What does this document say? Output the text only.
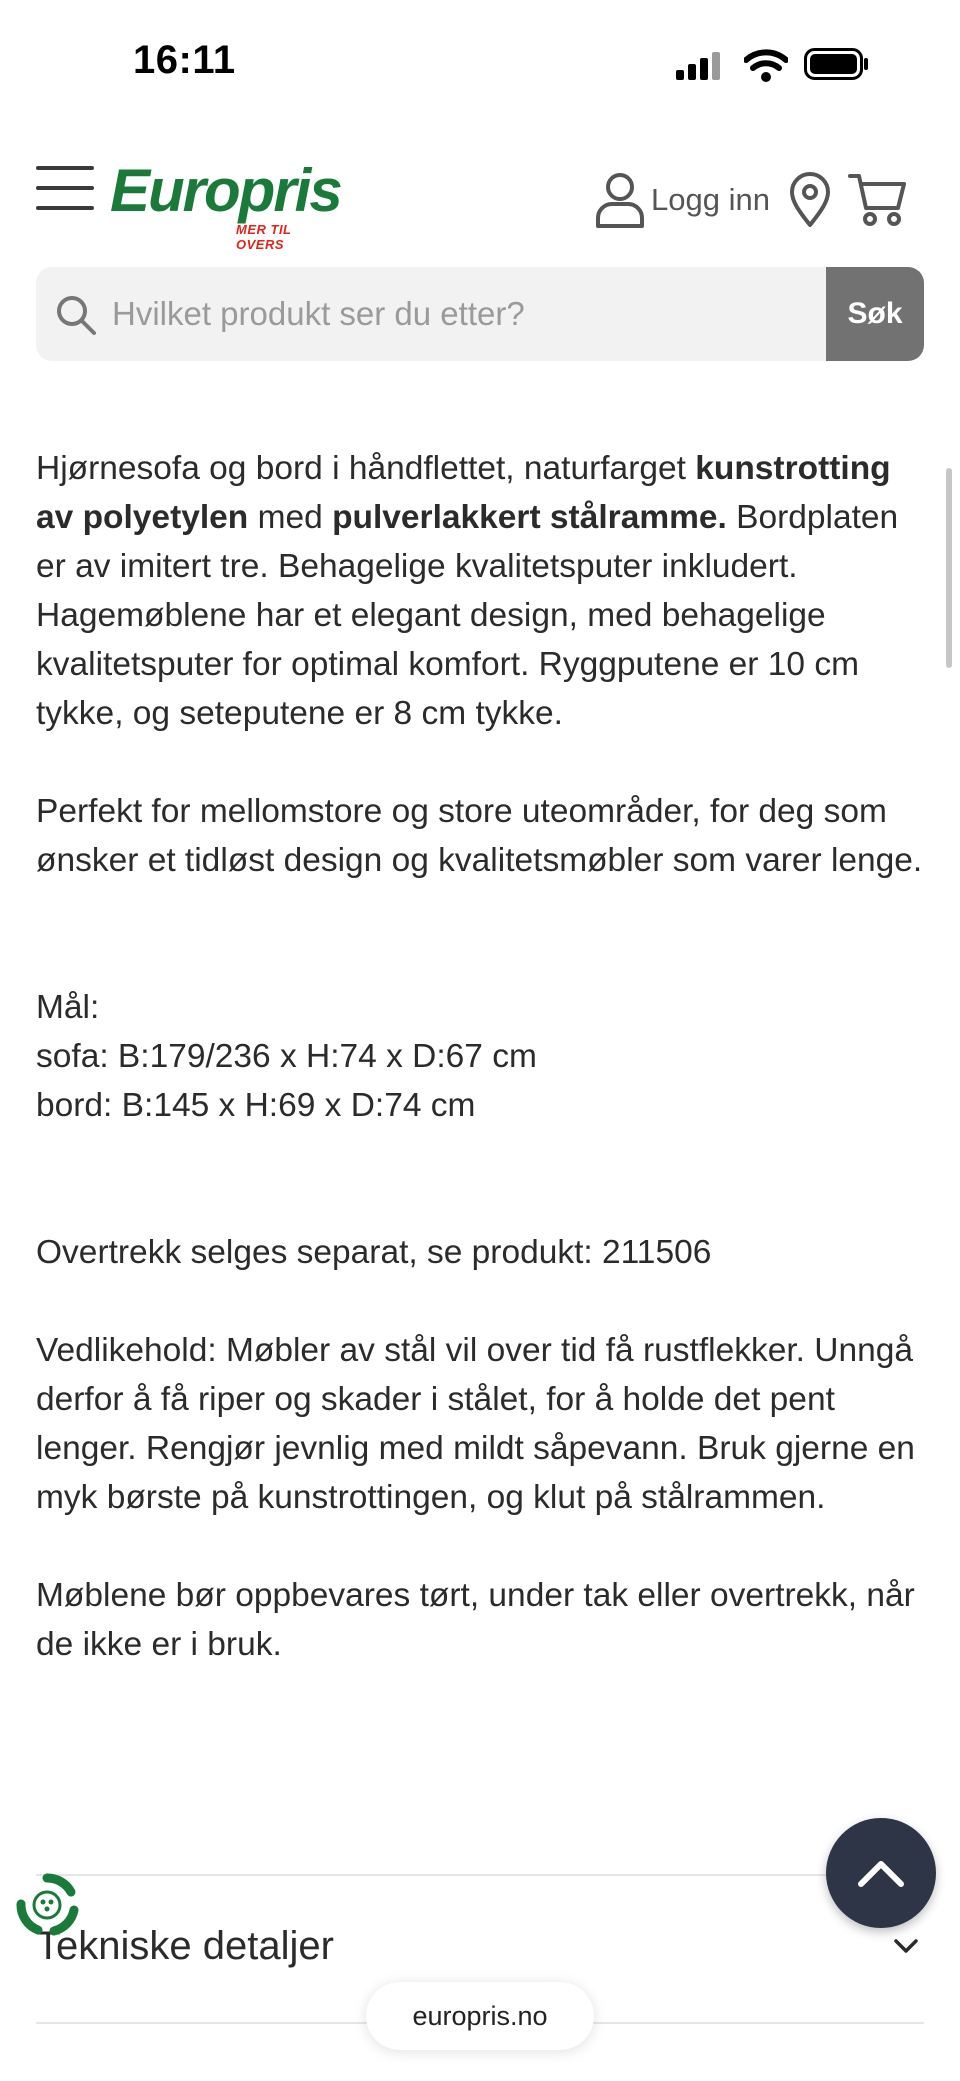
16:11
Europris
MER TIL OVERS
Logg inn
Hvilket produkt ser du etter?
Søk

Hjørnesofa og bord i håndflettet, naturfarget kunstrotting av polyetylen med pulverlakkert stålramme. Bordplaten er av imitert tre. Behagelige kvalitetsputer inkludert. Hagemøblene har et elegant design, med behagelige kvalitetsputer for optimal komfort. Ryggputene er 10 cm tykke, og seteputene er 8 cm tykke.

Perfekt for mellomstore og store uteområder, for deg som ønsker et tidløst design og kvalitetsmøbler som varer lenge.

Mål:

sofa: B:179/236 x H:74 x D:67 cm

bord: B:145 x H:69 x D:74 cm

Overtrekk selges separat, se produkt: 211506

Vedlikehold: Møbler av stål vil over tid få rustflekker. Unngå derfor å få riper og skader i stålet, for å holde det pent lenger. Rengjør jevnlig med mildt såpevann. Bruk gjerne en myk børste på kunstrottingen, og klut på stålrammen.

Møblene bør oppbevares tørt, under tak eller overtrekk, når de ikke er i bruk.

Tekniske detaljer
europris.no
